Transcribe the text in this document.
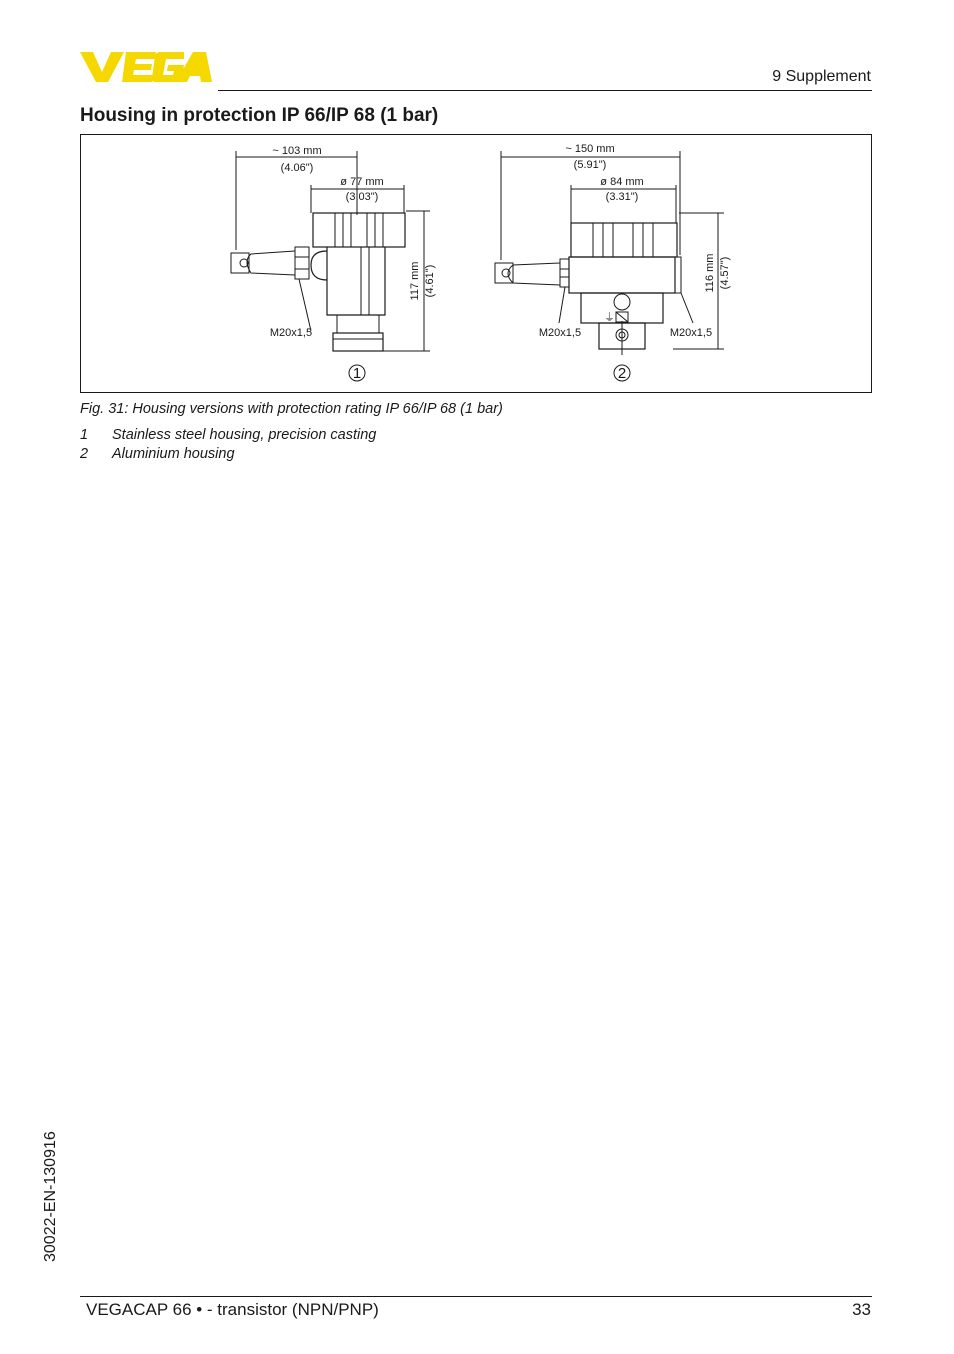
9 Supplement
Housing in protection IP 66/IP 68 (1 bar)
⏚
~ 103 mm
(4.06")
ø 77 mm
(3.03")
117 mm (4.61")
M20x1,5
1
~ 150 mm
(5.91")
ø 84 mm
(3.31")
116 mm (4.57")
M20x1,5	M20x1,5
2
Fig. 31: Housing versions with protection rating IP 66/IP 68 (1 bar)
1 Stainless steel housing, precision casting
2 Aluminium housing
30022-EN-130916
VEGACAP 66 • - transistor (NPN/PNP)	33
